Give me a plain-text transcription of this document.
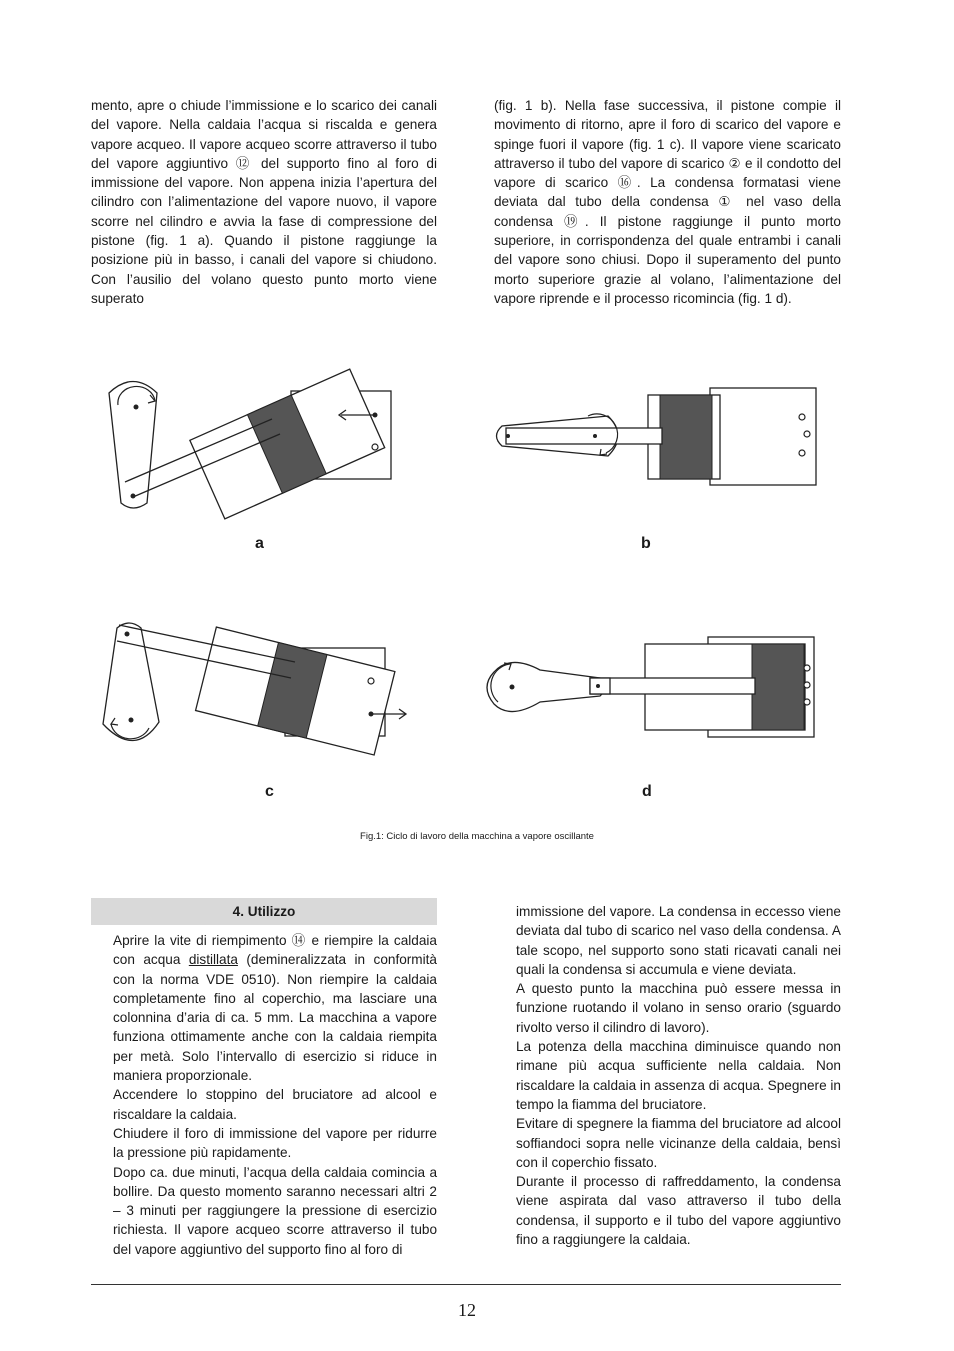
mento, apre o chiude l’immissione e lo scarico dei canali del vapore. Nella caldaia l’acqua si riscalda e genera vapore acqueo. Il vapore acqueo scorre attraverso il tubo del vapore aggiuntivo ⑫ del supporto fino al foro di immissione del vapore. Non appena inizia l’apertura del cilindro con l’alimentazione del vapore nuovo, il vapore scorre nel cilindro e avvia la fase di compressione del pistone (fig. 1 a). Quando il pistone raggiunge la posizione più in basso, i canali del vapore si chiudono. Con l’ausilio del volano questo punto morto viene superato

(fig. 1 b). Nella fase successiva, il pistone compie il movimento di ritorno, apre il foro di scarico del vapore e spinge fuori il vapore (fig. 1 c). Il vapore viene scaricato attraverso il tubo del vapore di scarico ② e il condotto del vapore di scarico ⑯. La condensa formatasi viene deviata dal tubo della condensa ① nel vaso della condensa ⑲. Il pistone raggiunge il punto morto superiore, in corrispondenza del quale entrambi i canali del vapore sono chiusi. Dopo il superamento del punto morto superiore grazie al volano, l’alimentazione del vapore riprende e il processo ricomincia (fig. 1 d).

a	b
c	d
Fig.1: Ciclo di lavoro della macchina a vapore oscillante
4. Utilizzo

Aprire la vite di riempimento ⑭ e riempire la caldaia con acqua distillata (demineralizzata in conformità con la norma VDE 0510). Non riempire la caldaia completamente fino al coperchio, ma lasciare una colonnina d’aria di ca. 5 mm. La macchina a vapore funziona ottimamente anche con la caldaia riempita per metà. Solo l’intervallo di esercizio si riduce in maniera proporzionale.

Accendere lo stoppino del bruciatore ad alcool e riscaldare la caldaia.

Chiudere il foro di immissione del vapore per ridurre la pressione più rapidamente.

Dopo ca. due minuti, l’acqua della caldaia comincia a bollire. Da questo momento saranno necessari altri 2 – 3 minuti per raggiungere la pressione di esercizio richiesta. Il vapore acqueo scorre attraverso il tubo del vapore aggiuntivo del supporto fino al foro di

immissione del vapore. La condensa in eccesso viene deviata dal tubo di scarico nel vaso della condensa. A tale scopo, nel supporto sono stati ricavati canali nei quali la condensa si accumula e viene deviata.

A questo punto la macchina può essere messa in funzione ruotando il volano in senso orario (sguardo rivolto verso il cilindro di lavoro).

La potenza della macchina diminuisce quando non rimane più acqua sufficiente nella caldaia. Non riscaldare la caldaia in assenza di acqua. Spegnere in tempo la fiamma del bruciatore.

Evitare di spegnere la fiamma del bruciatore ad alcool soffiandoci sopra nelle vicinanze della caldaia, bensì con il coperchio fissato.

Durante il processo di raffreddamento, la condensa viene aspirata dal vaso attraverso il tubo della condensa, il supporto e il tubo del vapore aggiuntivo fino a raggiungere la caldaia.

12
